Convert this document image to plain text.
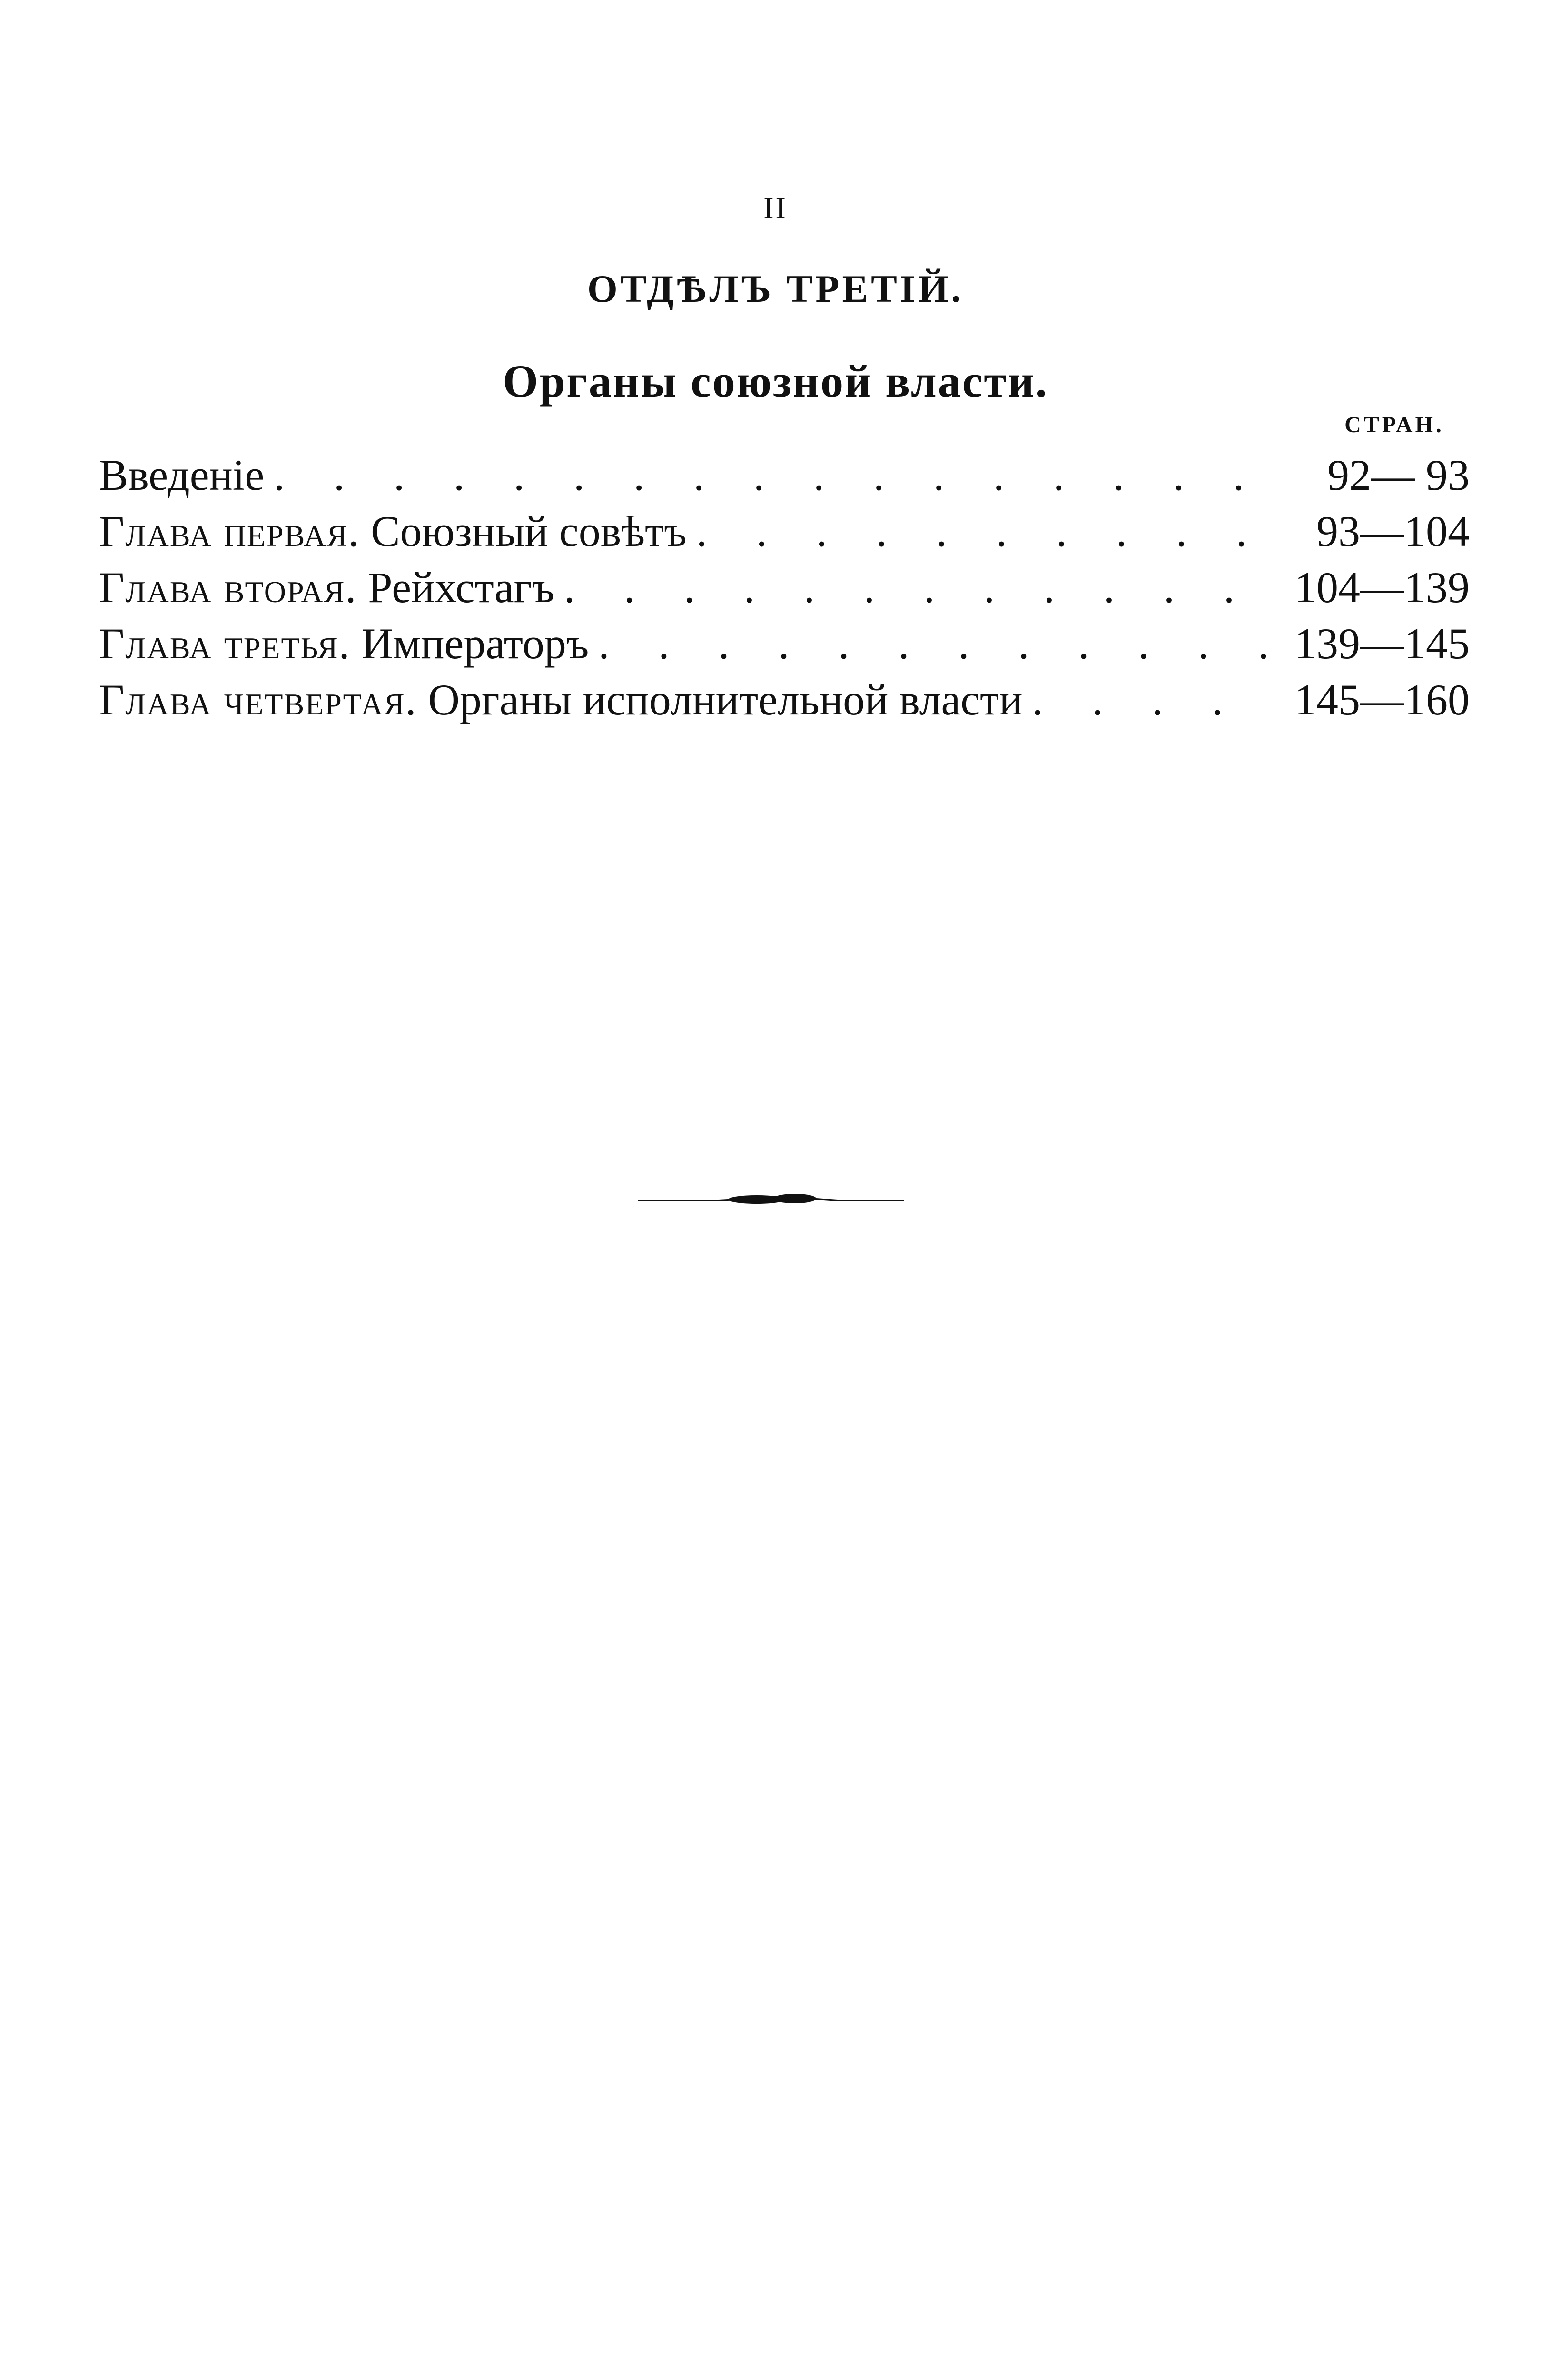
II
ОТДѢЛЪ ТРЕТІЙ.
Органы союзной власти.
СТРАН.
Введеніе . . .	92— 93
Глава первая. Союзный совѣтъ . . .	93—104
Глава вторая. Рейхстагъ . . .	104—139
Глава третья. Императоръ . . .	139—145
Глава четвертая. Органы исполнительной власти . . .	145—160
